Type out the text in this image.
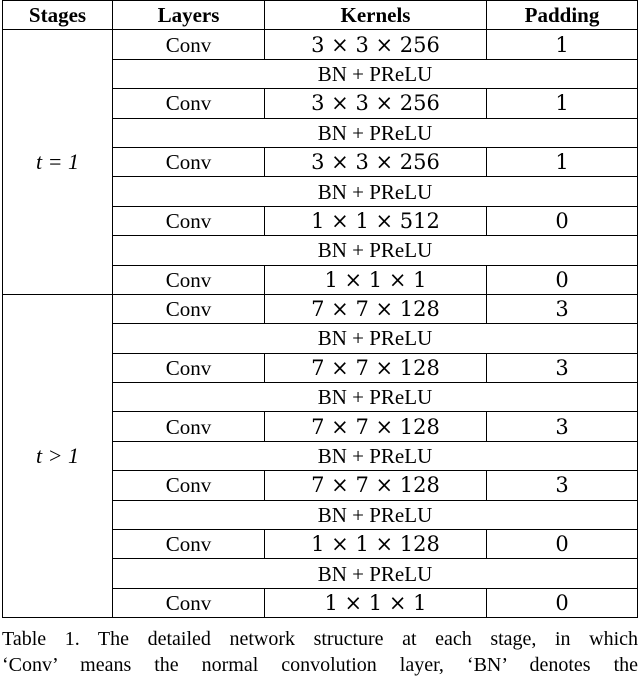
Stages	Layers	Kernels	Padding
t = 1	Conv	3 × 3 × 256	1
	BN + PReLU		
	Conv	3 × 3 × 256	1
	BN + PReLU		
	Conv	3 × 3 × 256	1
	BN + PReLU		
	Conv	1 × 1 × 512	0
	BN + PReLU		
	Conv	1 × 1 × 1	0
t > 1	Conv	7 × 7 × 128	3
	BN + PReLU		
	Conv	7 × 7 × 128	3
	BN + PReLU		
	Conv	7 × 7 × 128	3
	BN + PReLU		
	Conv	7 × 7 × 128	3
	BN + PReLU		
	Conv	1 × 1 × 128	0
	BN + PReLU		
	Conv	1 × 1 × 1	0

Table 1. The detailed network structure at each stage, in which
‘Conv’ means the normal convolution layer, ‘BN’ denotes the
